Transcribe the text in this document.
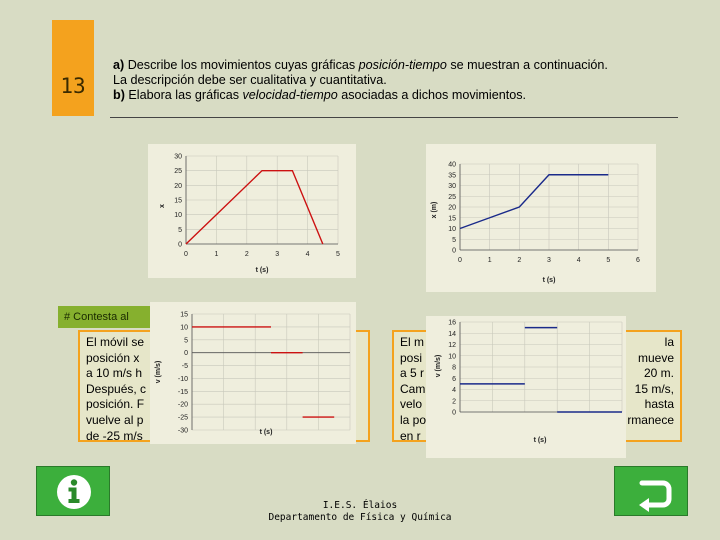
13
a) Describe los movimientos cuyas gráficas posición-tiempo se muestran a continuación.
La descripción debe ser cualitativa y cuantitativa.
b) Elabora las gráficas velocidad-tiempo asociadas a dichos movimientos.
0
5
10
15
20
25
30
0	1	2	3	4	5
t (s)
x
0
5
10
15
20
25
30
35
40
0	1	2	3	4	5	6
t (s)
x (m)
# Contesta al

El móvil se
posición x
a 10 m/s h
Después, c
posición. F
vuelve al p
de -25 m/s

El m
posi
a 5 r
Cam
velo
la po
en r

la
mueve
20 m.
15 m/s,
hasta
rmanece

15
10
5
0
-5
-10
-15
-20
-25
-30	t (s)
v (m/s)
16
14
12
10
8
6
4
2
0
t (s)
v (m/s)
I.E.S. Élaios
Departamento de Física y Química
